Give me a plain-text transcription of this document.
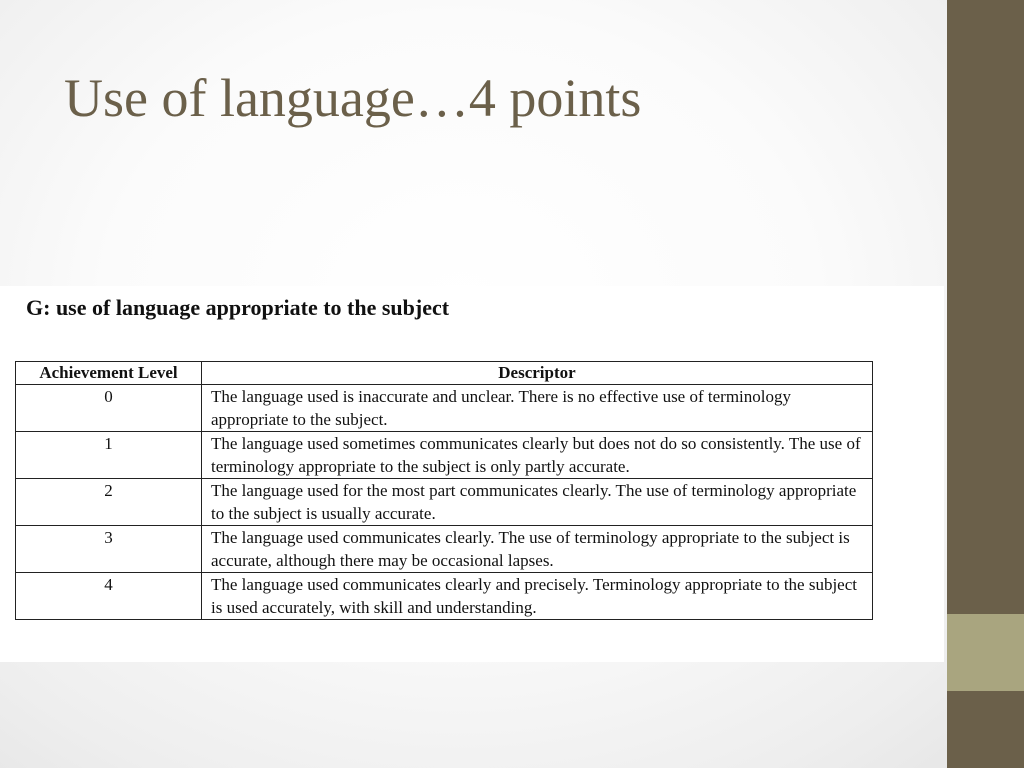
Use of language…4 points
G: use of language appropriate to the subject
Achievement Level	Descriptor
0	The language used is inaccurate and unclear. There is no effective use of terminology appropriate to the subject.
1	The language used sometimes communicates clearly but does not do so consistently. The use of terminology appropriate to the subject is only partly accurate.
2	The language used for the most part communicates clearly. The use of terminology appropriate to the subject is usually accurate.
3	The language used communicates clearly. The use of terminology appropriate to the subject is accurate, although there may be occasional lapses.
4	The language used communicates clearly and precisely. Terminology appropriate to the subject is used accurately, with skill and understanding.
